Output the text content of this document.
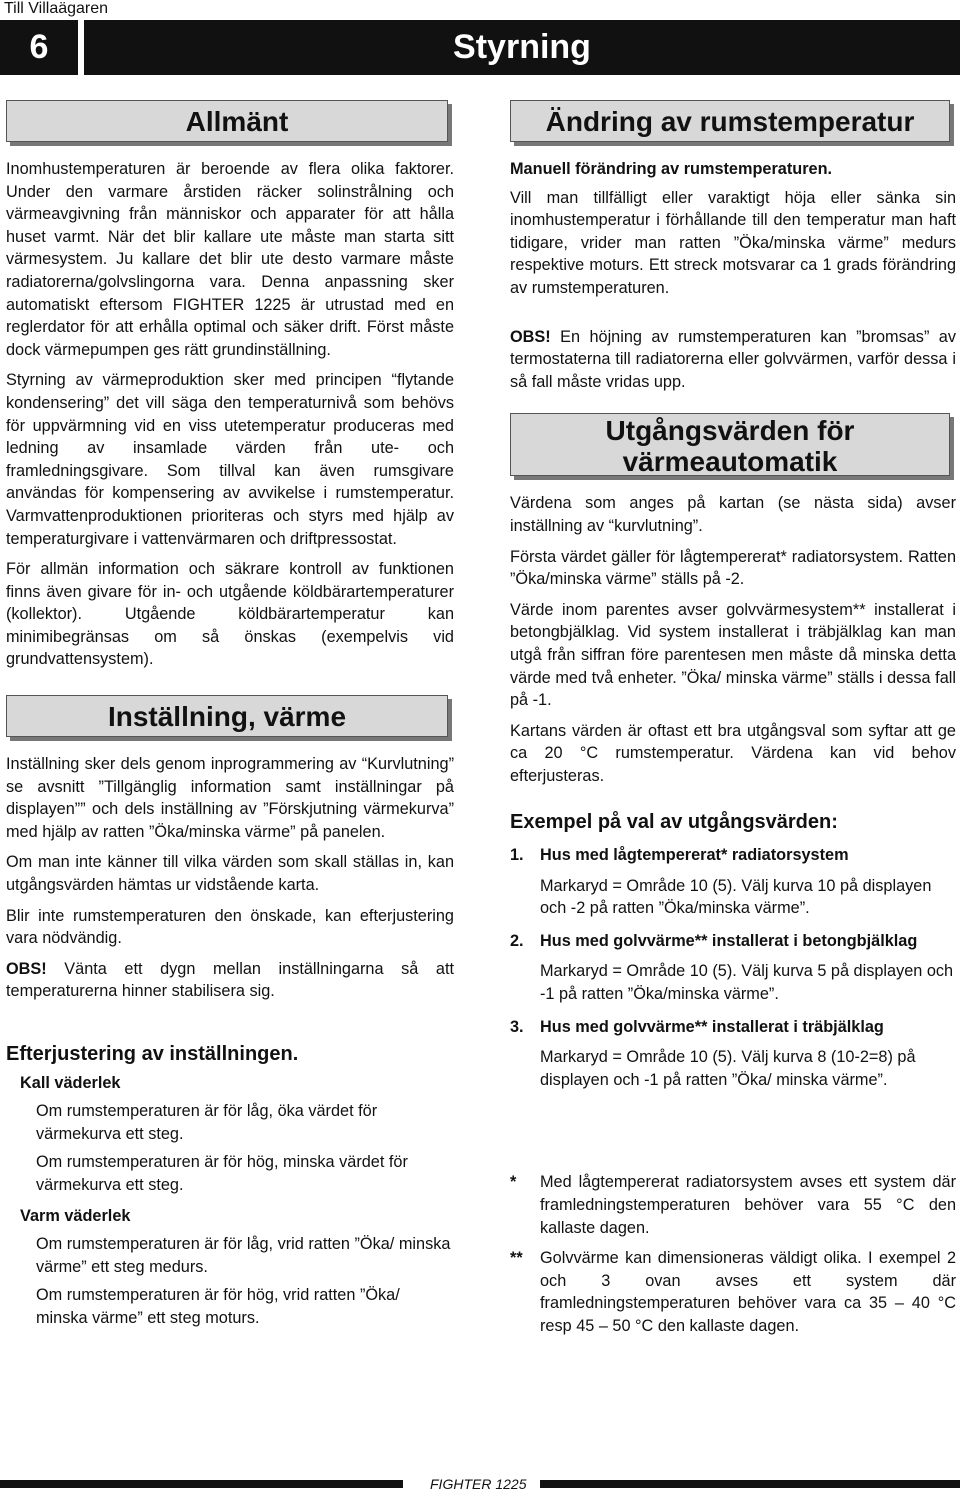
Till Villaägaren
6	Styrning
Allmänt

Inomhustemperaturen är beroende av flera olika faktorer. Under den varmare årstiden räcker solinstrålning och värmeavgivning från människor och apparater för att hålla huset varmt. När det blir kallare ute måste man starta sitt värmesystem. Ju kallare det blir ute desto varmare måste radiatorerna/golvslingorna vara. Denna anpassning sker automatiskt eftersom FIGHTER 1225 är utrustad med en reglerdator för att erhålla optimal och säker drift. Först måste dock värmepumpen ges rätt grundinställning.

Styrning av värmeproduktion sker med principen “flytande kondensering” det vill säga den temperaturnivå som behövs för uppvärmning vid en viss utetemperatur produceras med ledning av insamlade värden från ute- och framledningsgivare. Som tillval kan även rumsgivare användas för kompensering av avvikelse i rumstemperatur. Varmvattenproduktionen prioriteras och styrs med hjälp av temperaturgivare i vattenvärmaren och driftpressostat.

För allmän information och säkrare kontroll av funktionen finns även givare för in- och utgående köldbärartemperaturer (kollektor). Utgående köldbärartemperatur kan minimibegränsas om så önskas (exempelvis vid grundvattensystem).

Inställning, värme

Inställning sker dels genom inprogrammering av “Kurvlutning” se avsnitt ”Tillgänglig information samt inställningar på displayen”” och dels inställning av ”Förskjutning värmekurva” med hjälp av ratten ”Öka/minska värme” på panelen.

Om man inte känner till vilka värden som skall ställas in, kan utgångsvärden hämtas ur vidstående karta.

Blir inte rumstemperaturen den önskade, kan efterjustering vara nödvändig.

OBS! Vänta ett dygn mellan inställningarna så att temperaturerna hinner stabilisera sig.

Efterjustering av inställningen.
Kall väderlek

Om rumstemperaturen är för låg, öka värdet för värmekurva ett steg.

Om rumstemperaturen är för hög, minska värdet för värmekurva ett steg.

Varm väderlek

Om rumstemperaturen är för låg, vrid ratten ”Öka/ minska värme” ett steg medurs.

Om rumstemperaturen är för hög, vrid ratten ”Öka/ minska värme” ett steg moturs.

Ändring av rumstemperatur

Manuell förändring av rumstemperaturen.

Vill man tillfälligt eller varaktigt höja eller sänka sin inomhustemperatur i förhållande till den temperatur man haft tidigare, vrider man ratten ”Öka/minska värme” medurs respektive moturs. Ett streck motsvarar ca 1 grads förändring av rumstemperaturen.

OBS! En höjning av rumstemperaturen kan ”bromsas” av termostaterna till radiatorerna eller golvvärmen, varför dessa i så fall måste vridas upp.

Utgångsvärden för
värmeautomatik

Värdena som anges på kartan (se nästa sida) avser inställning av “kurvlutning”.

Första värdet gäller för lågtempererat* radiatorsystem. Ratten ”Öka/minska värme” ställs på -2.

Värde inom parentes avser golvvärmesystem** installerat i betongbjälklag. Vid system installerat i träbjälklag kan man utgå från siffran före parentesen men måste då minska detta värde med två enheter. ”Öka/ minska värme” ställs i dessa fall på -1.

Kartans värden är oftast ett bra utgångsval som syftar att ge ca 20 °C rumstemperatur. Värdena kan vid behov efterjusteras.

Exempel på val av utgångsvärden:
1.	Hus med lågtempererat* radiatorsystem
Markaryd = Område 10 (5). Välj kurva 10 på displayen och -2 på ratten ”Öka/minska värme”.
2.	Hus med golvvärme** installerat i betongbjälklag
Markaryd = Område 10 (5). Välj kurva 5 på displayen och -1 på ratten ”Öka/minska värme”.
3.	Hus med golvvärme** installerat i träbjälklag
Markaryd = Område 10 (5). Välj kurva 8 (10-2=8) på displayen och -1 på ratten ”Öka/ minska värme”.
*	Med lågtempererat radiatorsystem avses ett system där framledningstemperaturen behöver vara 55 °C den kallaste dagen.
**	Golvvärme kan dimensioneras väldigt olika. I exempel 2 och 3 ovan avses ett system där framledningstemperaturen behöver vara ca 35 – 40 °C resp 45 – 50 °C den kallaste dagen.
FIGHTER 1225
